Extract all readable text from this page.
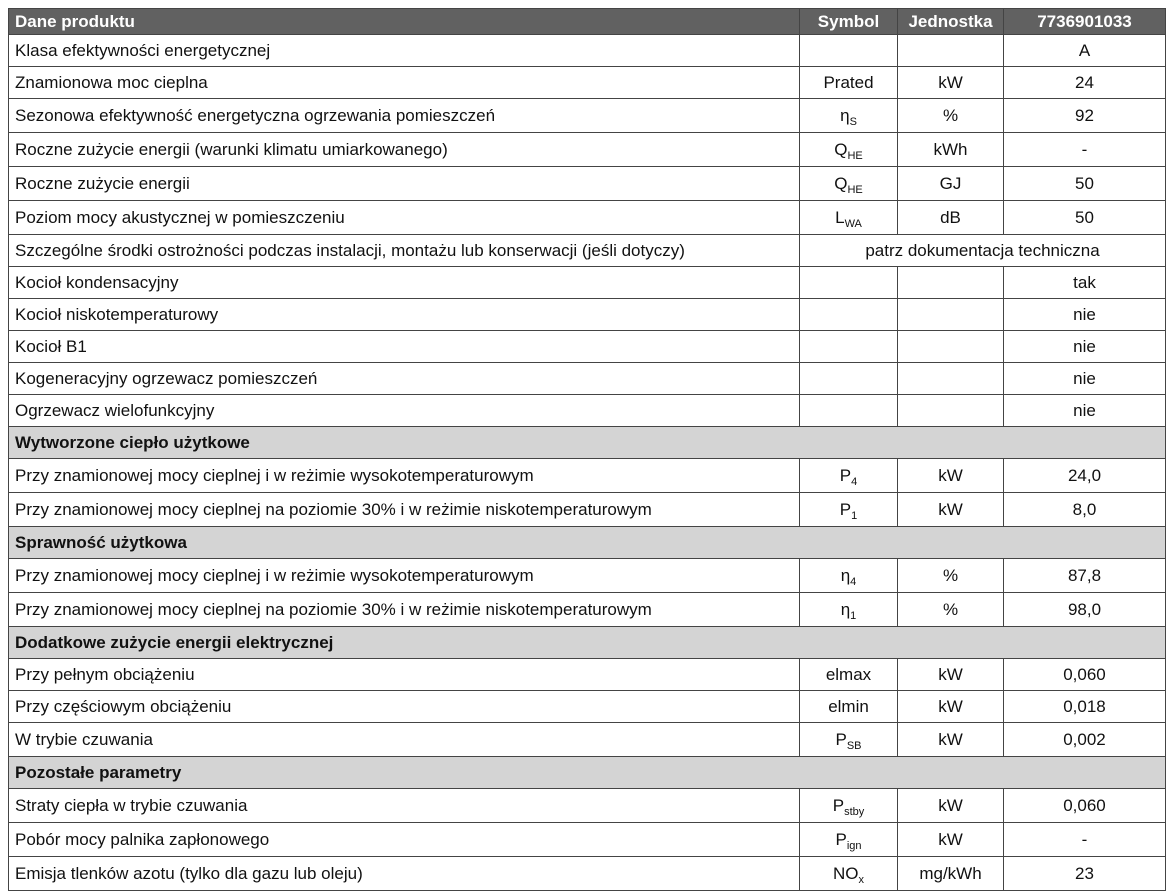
Dane produktu	Symbol	Jednostka	7736901033
Klasa efektywności energetycznej			A
Znamionowa moc cieplna	Prated	kW	24
Sezonowa efektywność energetyczna ogrzewania pomieszczeń	$\eta_S$	%	92
Roczne zużycie energii (warunki klimatu umiarkowanego)	$Q_{HE}$	kWh	-
Roczne zużycie energii	$Q_{HE}$	GJ	50
Poziom mocy akustycznej w pomieszczeniu	$L_{WA}$	dB	50
Szczególne środki ostrożności podczas instalacji, montażu lub konserwacji (jeśli dotyczy)	patrz dokumentacja techniczna		
Kocioł kondensacyjny			tak
Kocioł niskotemperaturowy			nie
Kocioł B1			nie
Kogeneracyjny ogrzewacz pomieszczeń			nie
Ogrzewacz wielofunkcyjny			nie
Wytworzone ciepło użytkowe			
Przy znamionowej mocy cieplnej i w reżimie wysokotemperaturowym	$P_4$	kW	24,0
Przy znamionowej mocy cieplnej na poziomie 30% i w reżimie niskotemperaturowym	$P_1$	kW	8,0
Sprawność użytkowa			
Przy znamionowej mocy cieplnej i w reżimie wysokotemperaturowym	$\eta_4$	%	87,8
Przy znamionowej mocy cieplnej na poziomie 30% i w reżimie niskotemperaturowym	$\eta_1$	%	98,0
Dodatkowe zużycie energii elektrycznej			
Przy pełnym obciążeniu	elmax	kW	0,060
Przy częściowym obciążeniu	elmin	kW	0,018
W trybie czuwania	$P_{SB}$	kW	0,002
Pozostałe parametry			
Straty ciepła w trybie czuwania	$P_{stby}$	kW	0,060
Pobór mocy palnika zapłonowego	$P_{ign}$	kW	-
Emisja tlenków azotu (tylko dla gazu lub oleju)	$NO_x$	mg/kWh	23
